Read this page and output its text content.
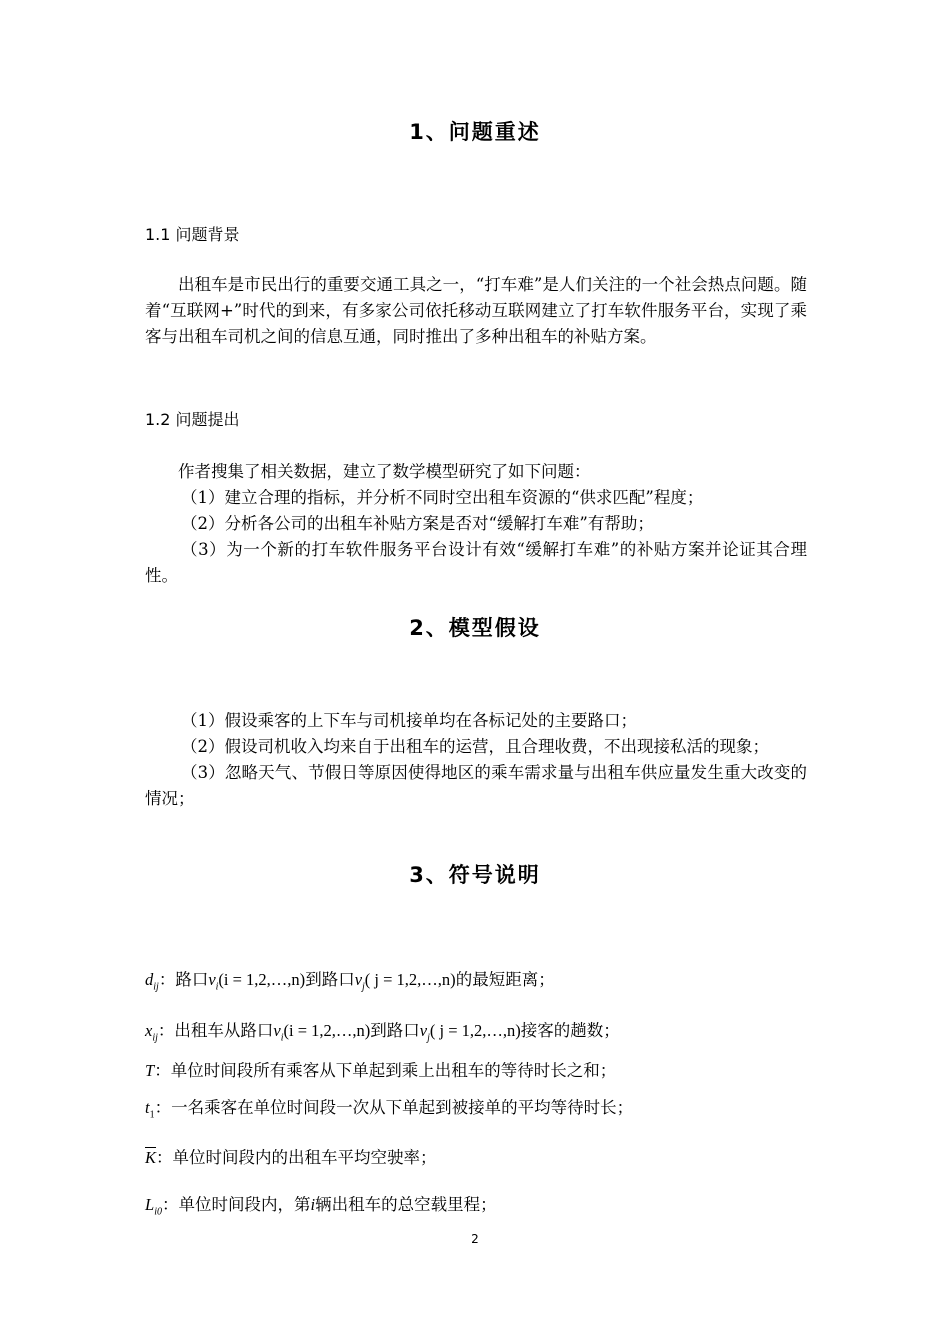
1、问题重述
1.1 问题背景

出租车是市民出行的重要交通工具之一，“打车难”是人们关注的一个社会热点问题。随着“互联网+”时代的到来，有多家公司依托移动互联网建立了打车软件服务平台，实现了乘客与出租车司机之间的信息互通，同时推出了多种出租车的补贴方案。

1.2 问题提出

作者搜集了相关数据，建立了数学模型研究了如下问题：

（1）建立合理的指标，并分析不同时空出租车资源的“供求匹配”程度；

（2）分析各公司的出租车补贴方案是否对“缓解打车难”有帮助；

（3）为一个新的打车软件服务平台设计有效“缓解打车难”的补贴方案并论证其合理性。

2、模型假设

（1）假设乘客的上下车与司机接单均在各标记处的主要路口；

（2）假设司机收入均来自于出租车的运营，且合理收费，不出现接私活的现象；

（3）忽略天气、节假日等原因使得地区的乘车需求量与出租车供应量发生重大改变的情况；

3、符号说明
$d_{ij}$：路口$v_i(i$ = 1,2,…,n)到路口$v_j$( j = 1,2,…,n)的最短距离；
$x_{ij}$：出租车从路口$v_i(i$ = 1,2,…,n)到路口$v_j$( j = 1,2,…,n)接客的趟数；
T：单位时间段所有乘客从下单起到乘上出租车的等待时长之和；
$t_1$：一名乘客在单位时间段一次从下单起到被接单的平均等待时长；
$\overline{K}$：单位时间段内的出租车平均空驶率；
$L_{i0}$：单位时间段内，第i辆出租车的总空载里程；
2
